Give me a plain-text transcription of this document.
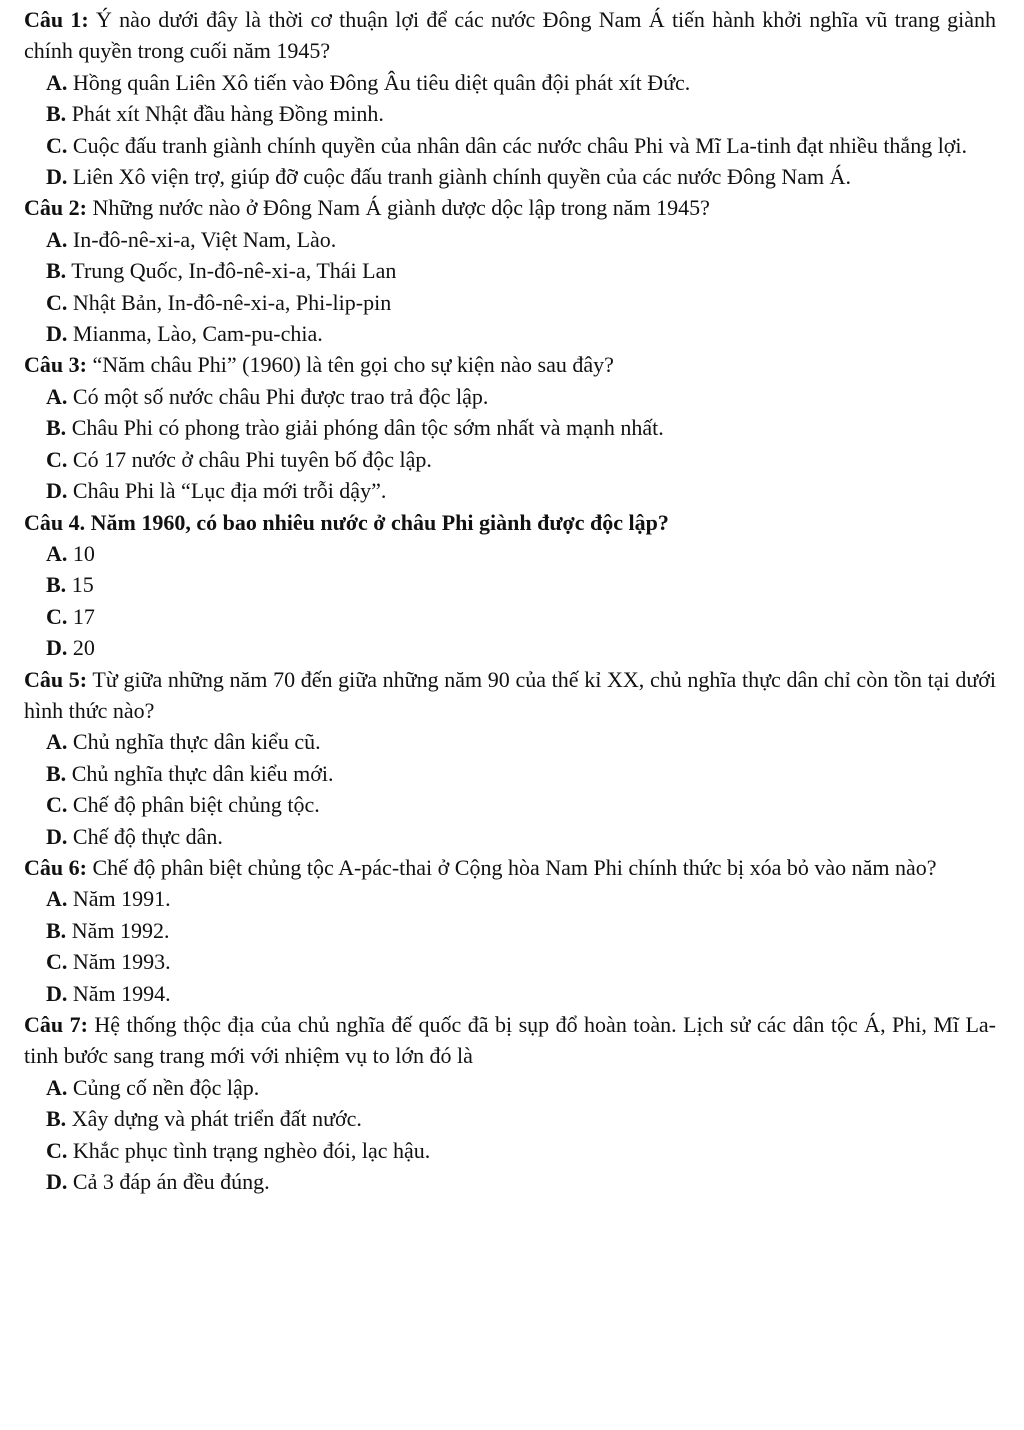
Câu 1: Ý nào dưới đây là thời cơ thuận lợi để các nước Đông Nam Á tiến hành khởi nghĩa vũ trang giành chính quyền trong cuối năm 1945?

A. Hồng quân Liên Xô tiến vào Đông Âu tiêu diệt quân đội phát xít Đức.

B. Phát xít Nhật đầu hàng Đồng minh.

C. Cuộc đấu tranh giành chính quyền của nhân dân các nước châu Phi và Mĩ La-tinh đạt nhiều thắng lợi.

D. Liên Xô viện trợ, giúp đỡ cuộc đấu tranh giành chính quyền của các nước Đông Nam Á.

Câu 2: Những nước nào ở Đông Nam Á giành dược dộc lập trong năm 1945?

A. In-đô-nê-xi-a, Việt Nam, Lào.

B. Trung Quốc, In-đô-nê-xi-a, Thái Lan

C. Nhật Bản, In-đô-nê-xi-a, Phi-lip-pin

D. Mianma, Lào, Cam-pu-chia.

Câu 3: “Năm châu Phi” (1960) là tên gọi cho sự kiện nào sau đây?

A. Có một số nước châu Phi được trao trả độc lập.

B. Châu Phi có phong trào giải phóng dân tộc sớm nhất và mạnh nhất.

C. Có 17 nước ở châu Phi tuyên bố độc lập.

D. Châu Phi là “Lục địa mới trỗi dậy”.

Câu 4. Năm 1960, có bao nhiêu nước ở châu Phi giành được độc lập?

A. 10

B. 15

C. 17

D. 20

Câu 5: Từ giữa những năm 70 đến giữa những năm 90 của thế kỉ XX, chủ nghĩa thực dân chỉ còn tồn tại dưới hình thức nào?

A. Chủ nghĩa thực dân kiểu cũ.

B. Chủ nghĩa thực dân kiểu mới.

C. Chế độ phân biệt chủng tộc.

D. Chế độ thực dân.

Câu 6: Chế độ phân biệt chủng tộc A-pác-thai ở Cộng hòa Nam Phi chính thức bị xóa bỏ vào năm nào?

A. Năm 1991.

B. Năm 1992.

C. Năm 1993.

D. Năm 1994.

Câu 7: Hệ thống thộc địa của chủ nghĩa đế quốc đã bị sụp đổ hoàn toàn. Lịch sử các dân tộc Á, Phi, Mĩ La-tinh bước sang trang mới với nhiệm vụ to lớn đó là

A. Củng cố nền độc lập.

B. Xây dựng và phát triển đất nước.

C. Khắc phục tình trạng nghèo đói, lạc hậu.

D. Cả 3 đáp án đều đúng.
